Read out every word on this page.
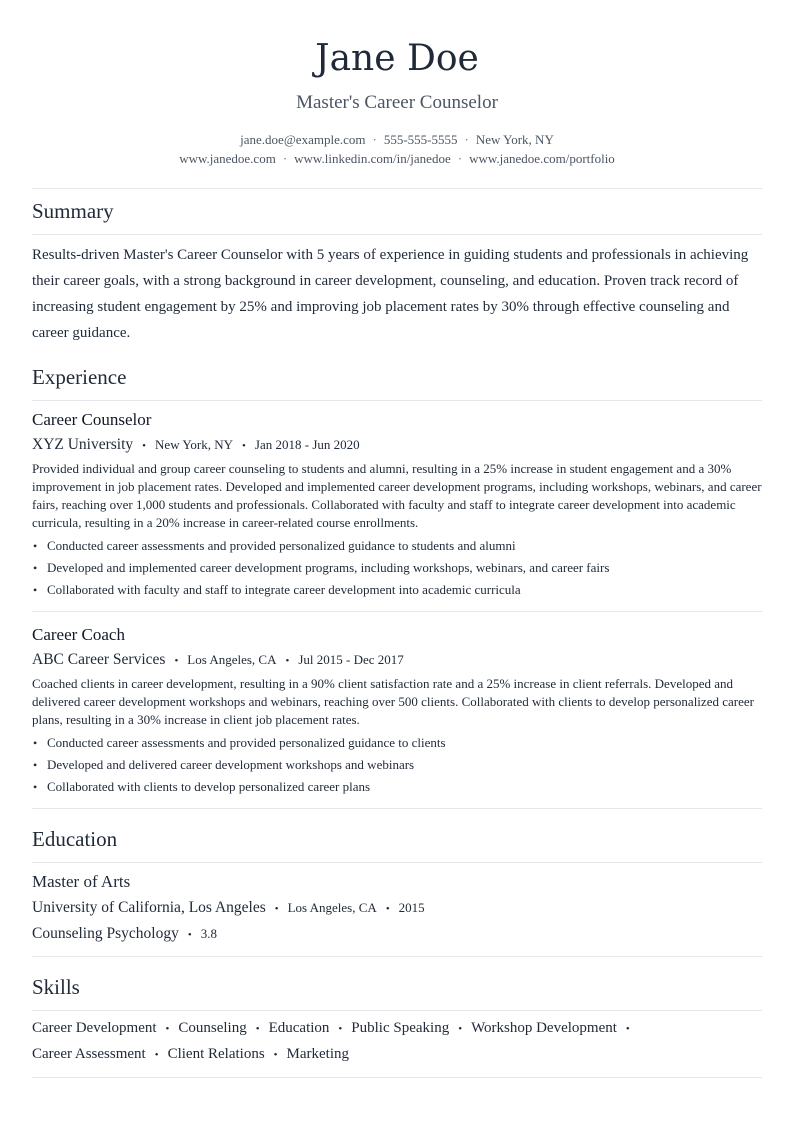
Jane Doe
Master's Career Counselor
jane.doe@example.com · 555-555-5555 · New York, NY
www.janedoe.com · www.linkedin.com/in/janedoe · www.janedoe.com/portfolio
Summary
Results-driven Master's Career Counselor with 5 years of experience in guiding students and professionals in achieving their career goals, with a strong background in career development, counseling, and education. Proven track record of increasing student engagement by 25% and improving job placement rates by 30% through effective counseling and career guidance.
Experience
Career Counselor
XYZ University • New York, NY • Jan 2018 - Jun 2020
Provided individual and group career counseling to students and alumni, resulting in a 25% increase in student engagement and a 30% improvement in job placement rates. Developed and implemented career development programs, including workshops, webinars, and career fairs, reaching over 1,000 students and professionals. Collaborated with faculty and staff to integrate career development into academic curricula, resulting in a 20% increase in career-related course enrollments.
• Conducted career assessments and provided personalized guidance to students and alumni
• Developed and implemented career development programs, including workshops, webinars, and career fairs
• Collaborated with faculty and staff to integrate career development into academic curricula
Career Coach
ABC Career Services • Los Angeles, CA • Jul 2015 - Dec 2017
Coached clients in career development, resulting in a 90% client satisfaction rate and a 25% increase in client referrals. Developed and delivered career development workshops and webinars, reaching over 500 clients. Collaborated with clients to develop personalized career plans, resulting in a 30% increase in client job placement rates.
• Conducted career assessments and provided personalized guidance to clients
• Developed and delivered career development workshops and webinars
• Collaborated with clients to develop personalized career plans
Education
Master of Arts
University of California, Los Angeles • Los Angeles, CA • 2015
Counseling Psychology • 3.8
Skills
Career Development • Counseling • Education • Public Speaking • Workshop Development •
Career Assessment • Client Relations • Marketing
